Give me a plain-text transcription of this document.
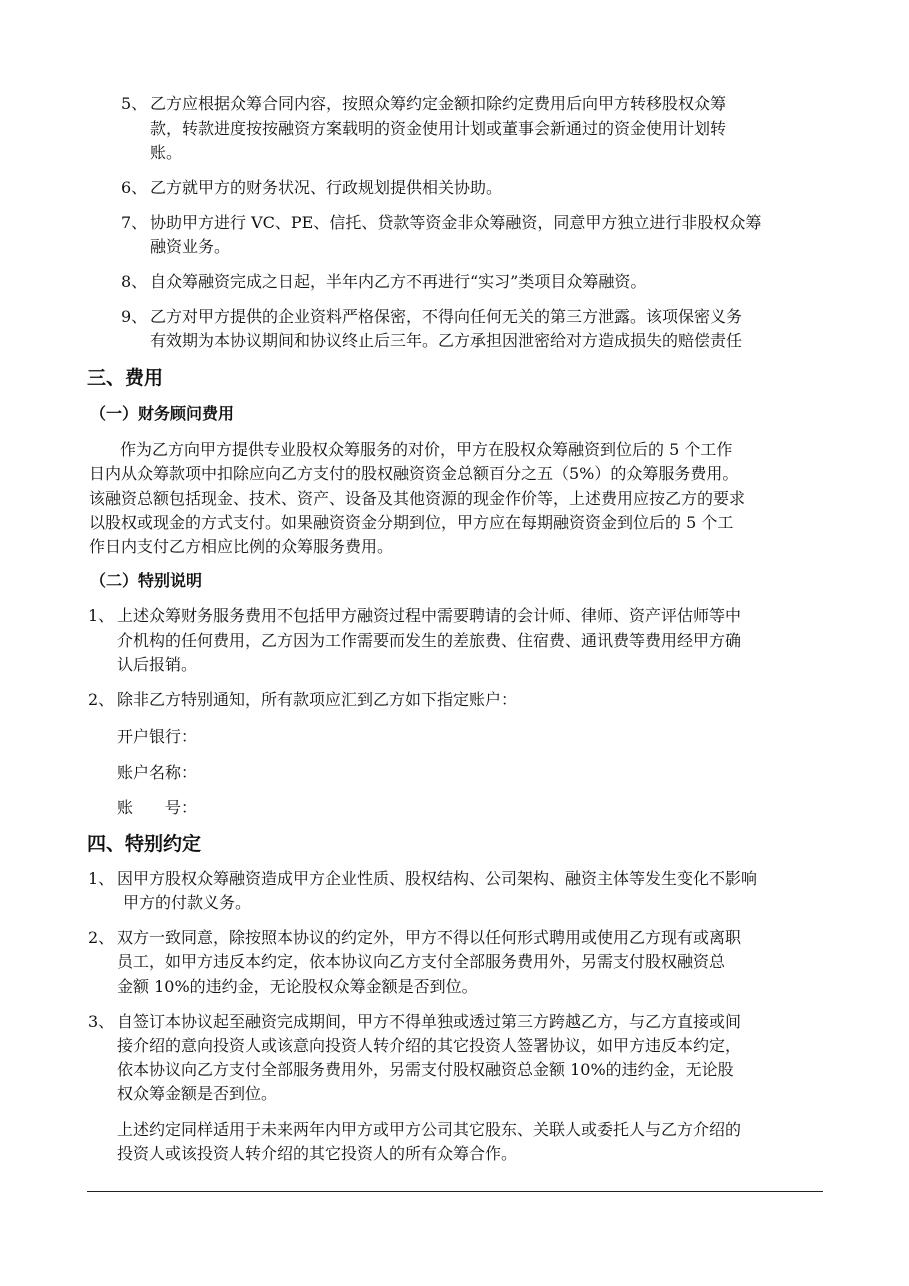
5、 乙方应根据众筹合同内容，按照众筹约定金额扣除约定费用后向甲方转移股权众筹
款，转款进度按按融资方案载明的资金使用计划或董事会新通过的资金使用计划转
账。
6、 乙方就甲方的财务状况、行政规划提供相关协助。
7、 协助甲方进行 VC、PE、信托、贷款等资金非众筹融资，同意甲方独立进行非股权众筹
融资业务。
8、 自众筹融资完成之日起，半年内乙方不再进行“实习”类项目众筹融资。
9、 乙方对甲方提供的企业资料严格保密，不得向任何无关的第三方泄露。该项保密义务
有效期为本协议期间和协议终止后三年。乙方承担因泄密给对方造成损失的赔偿责任
三、费用
（一）财务顾问费用
作为乙方向甲方提供专业股权众筹服务的对价，甲方在股权众筹融资到位后的 5 个工作
日内从众筹款项中扣除应向乙方支付的股权融资资金总额百分之五（5%）的众筹服务费用。
该融资总额包括现金、技术、资产、设备及其他资源的现金作价等，上述费用应按乙方的要求
以股权或现金的方式支付。如果融资资金分期到位，甲方应在每期融资资金到位后的 5 个工
作日内支付乙方相应比例的众筹服务费用。
（二）特别说明
1、 上述众筹财务服务费用不包括甲方融资过程中需要聘请的会计师、律师、资产评估师等中
介机构的任何费用，乙方因为工作需要而发生的差旅费、住宿费、通讯费等费用经甲方确
认后报销。
2、 除非乙方特别通知，所有款项应汇到乙方如下指定账户：
开户银行：
账户名称：
账　　号：
四、特别约定
1、 因甲方股权众筹融资造成甲方企业性质、股权结构、公司架构、融资主体等发生变化不影响
甲方的付款义务。
2、 双方一致同意，除按照本协议的约定外，甲方不得以任何形式聘用或使用乙方现有或离职
员工，如甲方违反本约定，依本协议向乙方支付全部服务费用外，另需支付股权融资总
金额 10%的违约金，无论股权众筹金额是否到位。
3、 自签订本协议起至融资完成期间，甲方不得单独或透过第三方跨越乙方，与乙方直接或间
接介绍的意向投资人或该意向投资人转介绍的其它投资人签署协议，如甲方违反本约定，
依本协议向乙方支付全部服务费用外，另需支付股权融资总金额 10%的违约金，无论股
权众筹金额是否到位。
上述约定同样适用于未来两年内甲方或甲方公司其它股东、关联人或委托人与乙方介绍的
投资人或该投资人转介绍的其它投资人的所有众筹合作。
